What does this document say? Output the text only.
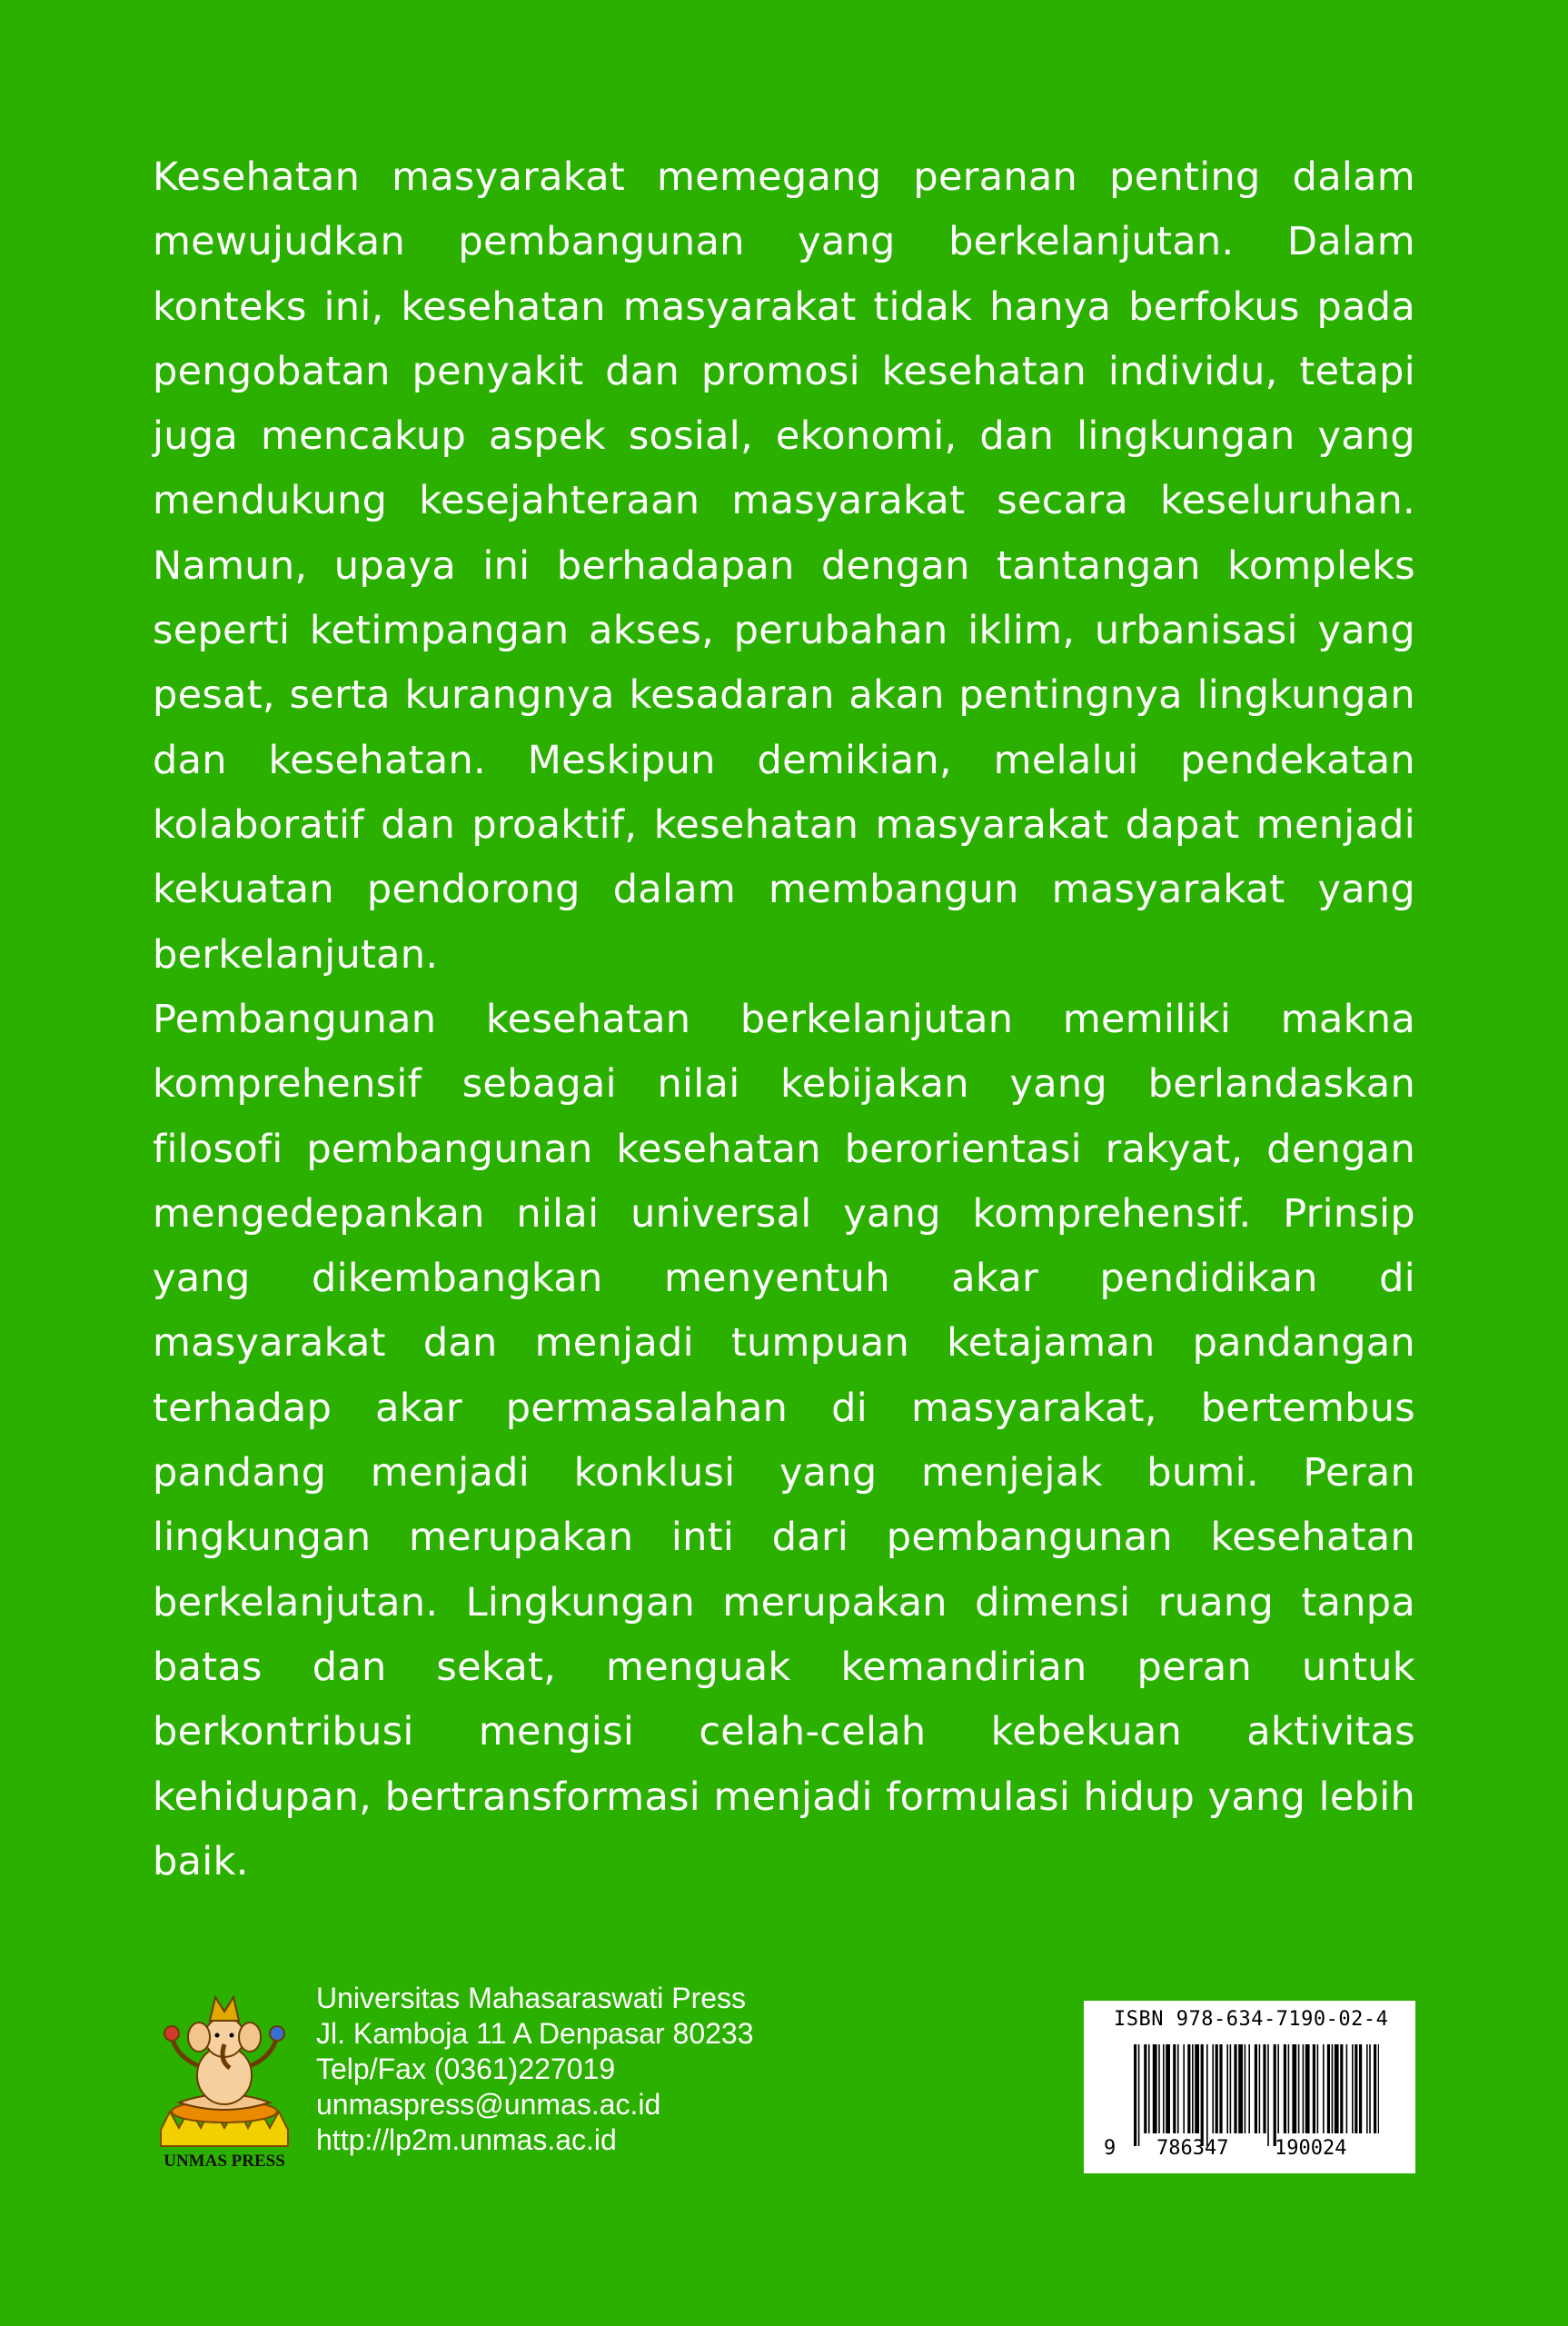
Kesehatan masyarakat memegang peranan penting dalam mewujudkan pembangunan yang berkelanjutan. Dalam konteks ini, kesehatan masyarakat tidak hanya berfokus pada pengobatan penyakit dan promosi kesehatan individu, tetapi juga mencakup aspek sosial, ekonomi, dan lingkungan yang mendukung kesejahteraan masyarakat secara keseluruhan. Namun, upaya ini berhadapan dengan tantangan kompleks seperti ketimpangan akses, perubahan iklim, urbanisasi yang pesat, serta kurangnya kesadaran akan pentingnya lingkungan dan kesehatan. Meskipun demikian, melalui pendekatan kolaboratif dan proaktif, kesehatan masyarakat dapat menjadi kekuatan pendorong dalam membangun masyarakat yang berkelanjutan.
Pembangunan kesehatan berkelanjutan memiliki makna komprehensif sebagai nilai kebijakan yang berlandaskan filosofi pembangunan kesehatan berorientasi rakyat, dengan mengedepankan nilai universal yang komprehensif. Prinsip yang dikembangkan menyentuh akar pendidikan di masyarakat dan menjadi tumpuan ketajaman pandangan terhadap akar permasalahan di masyarakat, bertembus pandang menjadi konklusi yang menjejak bumi. Peran lingkungan merupakan inti dari pembangunan kesehatan berkelanjutan. Lingkungan merupakan dimensi ruang tanpa batas dan sekat, menguak kemandirian peran untuk berkontribusi mengisi celah-celah kebekuan aktivitas kehidupan, bertransformasi menjadi formulasi hidup yang lebih baik.
UNMAS PRESS
Universitas Mahasaraswati Press
Jl. Kamboja 11 A Denpasar 80233
Telp/Fax (0361)227019
unmaspress@unmas.ac.id
http://lp2m.unmas.ac.id
ISBN 978-634-7190-02-4
9 786347 190024
